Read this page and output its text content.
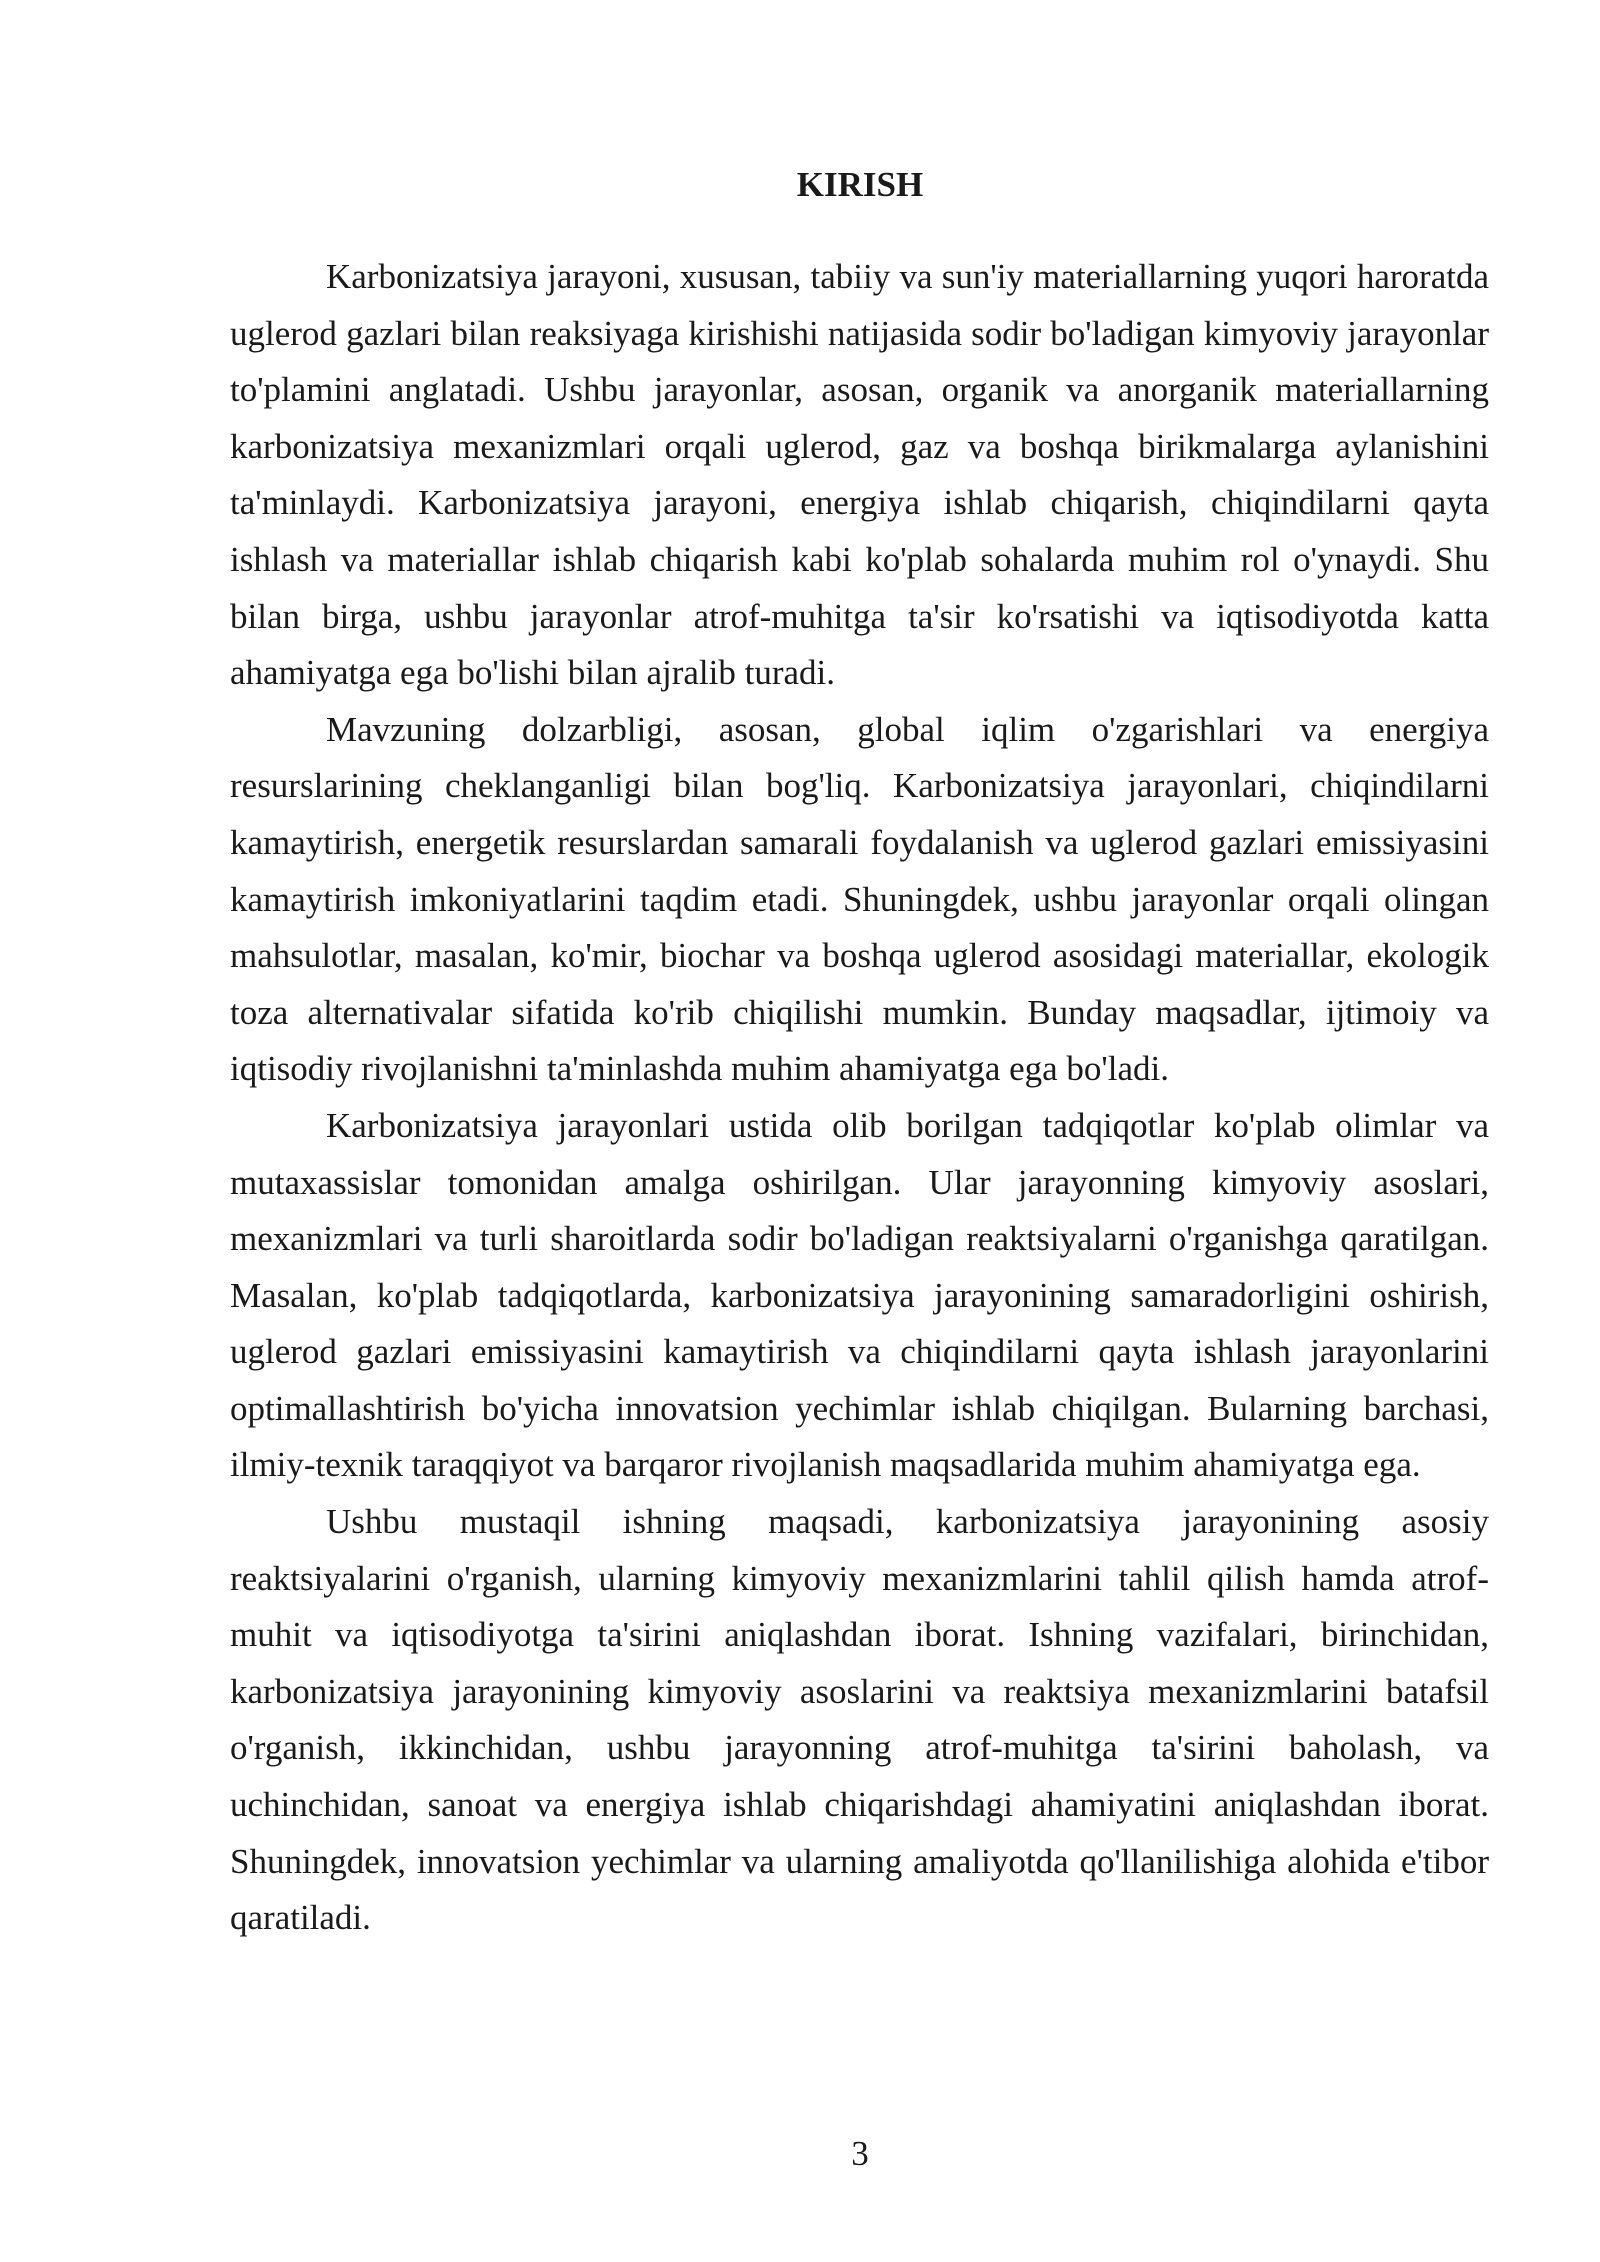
KIRISH

Karbonizatsiya jarayoni, xususan, tabiiy va sun'iy materiallarning yuqori haroratda uglerod gazlari bilan reaksiyaga kirishishi natijasida sodir bo'ladigan kimyoviy jarayonlar to'plamini anglatadi. Ushbu jarayonlar, asosan, organik va anorganik materiallarning karbonizatsiya mexanizmlari orqali uglerod, gaz va boshqa birikmalarga aylanishini ta'minlaydi. Karbonizatsiya jarayoni, energiya ishlab chiqarish, chiqindilarni qayta ishlash va materiallar ishlab chiqarish kabi ko'plab sohalarda muhim rol o'ynaydi. Shu bilan birga, ushbu jarayonlar atrof-muhitga ta'sir ko'rsatishi va iqtisodiyotda katta ahamiyatga ega bo'lishi bilan ajralib turadi.

Mavzuning dolzarbligi, asosan, global iqlim o'zgarishlari va energiya resurslarining cheklanganligi bilan bog'liq. Karbonizatsiya jarayonlari, chiqindilarni kamaytirish, energetik resurslardan samarali foydalanish va uglerod gazlari emissiyasini kamaytirish imkoniyatlarini taqdim etadi. Shuningdek, ushbu jarayonlar orqali olingan mahsulotlar, masalan, ko'mir, biochar va boshqa uglerod asosidagi materiallar, ekologik toza alternativalar sifatida ko'rib chiqilishi mumkin. Bunday maqsadlar, ijtimoiy va iqtisodiy rivojlanishni ta'minlashda muhim ahamiyatga ega bo'ladi.

Karbonizatsiya jarayonlari ustida olib borilgan tadqiqotlar ko'plab olimlar va mutaxassislar tomonidan amalga oshirilgan. Ular jarayonning kimyoviy asoslari, mexanizmlari va turli sharoitlarda sodir bo'ladigan reaktsiyalarni o'rganishga qaratilgan. Masalan, ko'plab tadqiqotlarda, karbonizatsiya jarayonining samaradorligini oshirish, uglerod gazlari emissiyasini kamaytirish va chiqindilarni qayta ishlash jarayonlarini optimallashtirish bo'yicha innovatsion yechimlar ishlab chiqilgan. Bularning barchasi, ilmiy-texnik taraqqiyot va barqaror rivojlanish maqsadlarida muhim ahamiyatga ega.

Ushbu mustaqil ishning maqsadi, karbonizatsiya jarayonining asosiy reaktsiyalarini o'rganish, ularning kimyoviy mexanizmlarini tahlil qilish hamda atrof-muhit va iqtisodiyotga ta'sirini aniqlashdan iborat. Ishning vazifalari, birinchidan, karbonizatsiya jarayonining kimyoviy asoslarini va reaktsiya mexanizmlarini batafsil o'rganish, ikkinchidan, ushbu jarayonning atrof-muhitga ta'sirini baholash, va uchinchidan, sanoat va energiya ishlab chiqarishdagi ahamiyatini aniqlashdan iborat. Shuningdek, innovatsion yechimlar va ularning amaliyotda qo'llanilishiga alohida e'tibor qaratiladi.

3
